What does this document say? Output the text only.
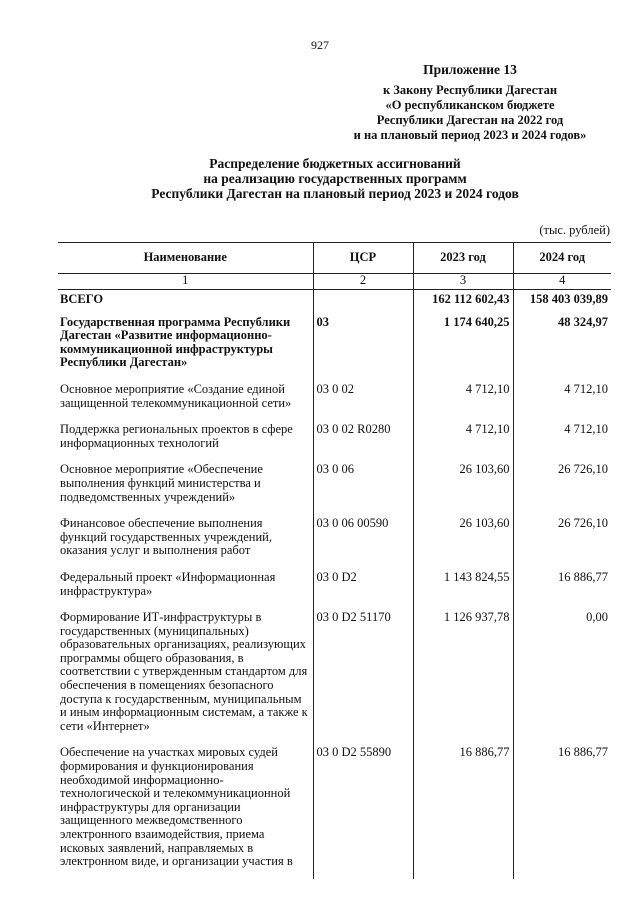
927
Приложение 13
к Закону Республики Дагестан
«О республиканском бюджете
Республики Дагестан на 2022 год
и на плановый период 2023 и 2024 годов»
Распределение бюджетных ассигнований
на реализацию государственных программ
Республики Дагестан на плановый период 2023 и 2024 годов
(тыс. рублей)
Наименование	ЦСР	2023 год	2024 год
1	2	3	4
ВСЕГО		162 112 602,43	158 403 039,89
Государственная программа Республики Дагестан «Развитие информационно-коммуникационной инфраструктуры Республики Дагестан»	03	1 174 640,25	48 324,97
Основное мероприятие «Создание единой защищенной телекоммуникационной сети»	03 0 02	4 712,10	4 712,10
Поддержка региональных проектов в сфере информационных технологий	03 0 02 R0280	4 712,10	4 712,10
Основное мероприятие «Обеспечение выполнения функций министерства и подведомственных учреждений»	03 0 06	26 103,60	26 726,10
Финансовое обеспечение выполнения функций государственных учреждений, оказания услуг и выполнения работ	03 0 06 00590	26 103,60	26 726,10
Федеральный проект «Информационная инфраструктура»	03 0 D2	1 143 824,55	16 886,77
Формирование ИТ-инфраструктуры в государственных (муниципальных) образовательных организациях, реализующих программы общего образования, в соответствии с утвержденным стандартом для обеспечения в помещениях безопасного доступа к государственным, муниципальным и иным информационным системам, а также к сети «Интернет»	03 0 D2 51170	1 126 937,78	0,00
Обеспечение на участках мировых судей формирования и функционирования необходимой информационно-технологической и телекоммуникационной инфраструктуры для организации защищенного межведомственного электронного взаимодействия, приема исковых заявлений, направляемых в электронном виде, и организации участия в	03 0 D2 55890	16 886,77	16 886,77
